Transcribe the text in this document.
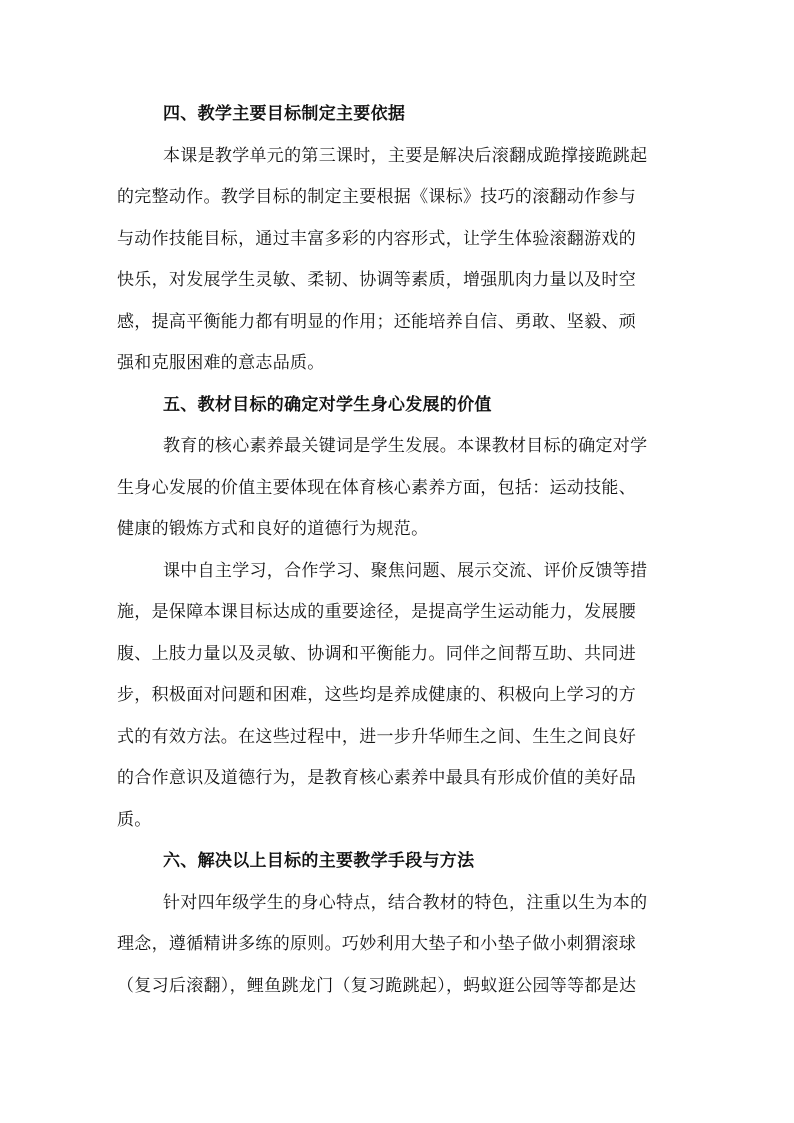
四、教学主要目标制定主要依据
本课是教学单元的第三课时，主要是解决后滚翻成跪撑接跪跳起
的完整动作。教学目标的制定主要根据《课标》技巧的滚翻动作参与
与动作技能目标，通过丰富多彩的内容形式，让学生体验滚翻游戏的
快乐，对发展学生灵敏、柔韧、协调等素质，增强肌肉力量以及时空
感，提高平衡能力都有明显的作用；还能培养自信、勇敢、坚毅、顽
强和克服困难的意志品质。
五、教材目标的确定对学生身心发展的价值
教育的核心素养最关键词是学生发展。本课教材目标的确定对学
生身心发展的价值主要体现在体育核心素养方面，包括：运动技能、
健康的锻炼方式和良好的道德行为规范。
课中自主学习，合作学习、聚焦问题、展示交流、评价反馈等措
施，是保障本课目标达成的重要途径，是提高学生运动能力，发展腰
腹、上肢力量以及灵敏、协调和平衡能力。同伴之间帮互助、共同进
步，积极面对问题和困难，这些均是养成健康的、积极向上学习的方
式的有效方法。在这些过程中，进一步升华师生之间、生生之间良好
的合作意识及道德行为，是教育核心素养中最具有形成价值的美好品
质。
六、解决以上目标的主要教学手段与方法
针对四年级学生的身心特点，结合教材的特色，注重以生为本的
理念，遵循精讲多练的原则。巧妙利用大垫子和小垫子做小刺猬滚球
（复习后滚翻），鲤鱼跳龙门（复习跪跳起），蚂蚁逛公园等等都是达
